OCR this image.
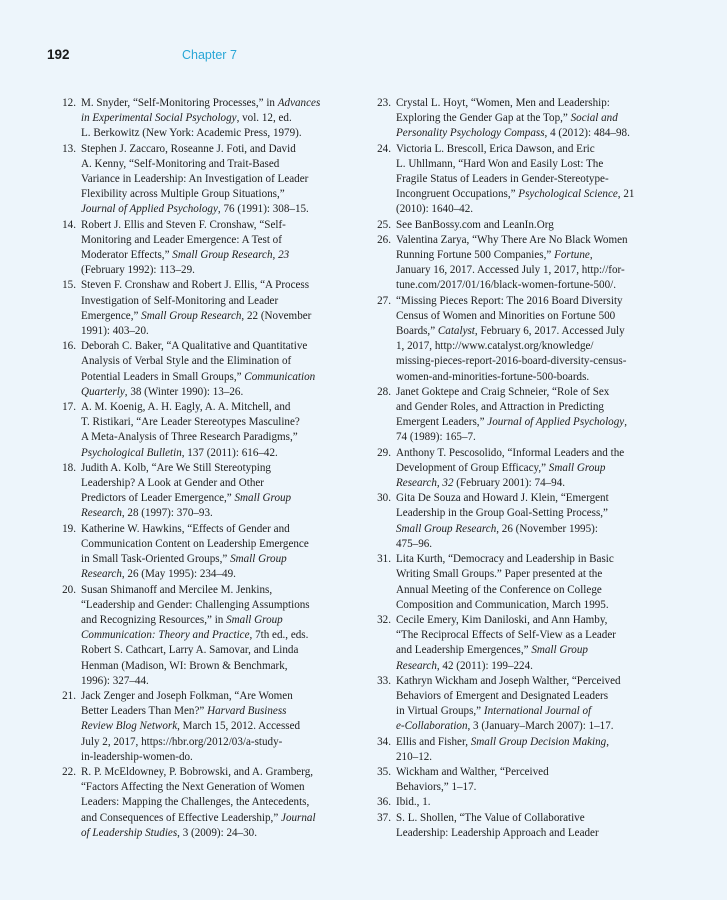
192	Chapter 7
12. M. Snyder, “Self-Monitoring Processes,” in Advances
in Experimental Social Psychology, vol. 12, ed.
L. Berkowitz (New York: Academic Press, 1979).
13. Stephen J. Zaccaro, Roseanne J. Foti, and David
A. Kenny, “Self-Monitoring and Trait-Based
Variance in Leadership: An Investigation of Leader
Flexibility across Multiple Group Situations,”
Journal of Applied Psychology, 76 (1991): 308–15.
14. Robert J. Ellis and Steven F. Cronshaw, “Self-
Monitoring and Leader Emergence: A Test of
Moderator Effects,” Small Group Research, 23
(February 1992): 113–29.
15. Steven F. Cronshaw and Robert J. Ellis, “A Process
Investigation of Self-Monitoring and Leader
Emergence,” Small Group Research, 22 (November
1991): 403–20.
16. Deborah C. Baker, “A Qualitative and Quantitative
Analysis of Verbal Style and the Elimination of
Potential Leaders in Small Groups,” Communication
Quarterly, 38 (Winter 1990): 13–26.
17. A. M. Koenig, A. H. Eagly, A. A. Mitchell, and
T. Ristikari, “Are Leader Stereotypes Masculine?
A Meta-Analysis of Three Research Paradigms,”
Psychological Bulletin, 137 (2011): 616–42.
18. Judith A. Kolb, “Are We Still Stereotyping
Leadership? A Look at Gender and Other
Predictors of Leader Emergence,” Small Group
Research, 28 (1997): 370–93.
19. Katherine W. Hawkins, “Effects of Gender and
Communication Content on Leadership Emergence
in Small Task-Oriented Groups,” Small Group
Research, 26 (May 1995): 234–49.
20. Susan Shimanoff and Mercilee M. Jenkins,
“Leadership and Gender: Challenging Assumptions
and Recognizing Resources,” in Small Group
Communication: Theory and Practice, 7th ed., eds.
Robert S. Cathcart, Larry A. Samovar, and Linda
Henman (Madison, WI: Brown & Benchmark,
1996): 327–44.
21. Jack Zenger and Joseph Folkman, “Are Women
Better Leaders Than Men?” Harvard Business
Review Blog Network, March 15, 2012. Accessed
July 2, 2017, https://hbr.org/2012/03/a-study-
in-leadership-women-do.
22. R. P. McEldowney, P. Bobrowski, and A. Gramberg,
“Factors Affecting the Next Generation of Women
Leaders: Mapping the Challenges, the Antecedents,
and Consequences of Effective Leadership,” Journal
of Leadership Studies, 3 (2009): 24–30.
23. Crystal L. Hoyt, “Women, Men and Leadership:
Exploring the Gender Gap at the Top,” Social and
Personality Psychology Compass, 4 (2012): 484–98.
24. Victoria L. Brescoll, Erica Dawson, and Eric
L. Uhllmann, “Hard Won and Easily Lost: The
Fragile Status of Leaders in Gender-Stereotype-
Incongruent Occupations,” Psychological Science, 21
(2010): 1640–42.
25. See BanBossy.com and LeanIn.Org
26. Valentina Zarya, “Why There Are No Black Women
Running Fortune 500 Companies,” Fortune,
January 16, 2017. Accessed July 1, 2017, http://for-
tune.com/2017/01/16/black-women-fortune-500/.
27. “Missing Pieces Report: The 2016 Board Diversity
Census of Women and Minorities on Fortune 500
Boards,” Catalyst, February 6, 2017. Accessed July
1, 2017, http://www.catalyst.org/knowledge/
missing-pieces-report-2016-board-diversity-census-
women-and-minorities-fortune-500-boards.
28. Janet Goktepe and Craig Schneier, “Role of Sex
and Gender Roles, and Attraction in Predicting
Emergent Leaders,” Journal of Applied Psychology,
74 (1989): 165–7.
29. Anthony T. Pescosolido, “Informal Leaders and the
Development of Group Efficacy,” Small Group
Research, 32 (February 2001): 74–94.
30. Gita De Souza and Howard J. Klein, “Emergent
Leadership in the Group Goal-Setting Process,”
Small Group Research, 26 (November 1995):
475–96.
31. Lita Kurth, “Democracy and Leadership in Basic
Writing Small Groups.” Paper presented at the
Annual Meeting of the Conference on College
Composition and Communication, March 1995.
32. Cecile Emery, Kim Daniloski, and Ann Hamby,
“The Reciprocal Effects of Self-View as a Leader
and Leadership Emergences,” Small Group
Research, 42 (2011): 199–224.
33. Kathryn Wickham and Joseph Walther, “Perceived
Behaviors of Emergent and Designated Leaders
in Virtual Groups,” International Journal of
e-Collaboration, 3 (January–March 2007): 1–17.
34. Ellis and Fisher, Small Group Decision Making,
210–12.
35. Wickham and Walther, “Perceived
Behaviors,” 1–17.
36. Ibid., 1.
37. S. L. Shollen, “The Value of Collaborative
Leadership: Leadership Approach and Leader
